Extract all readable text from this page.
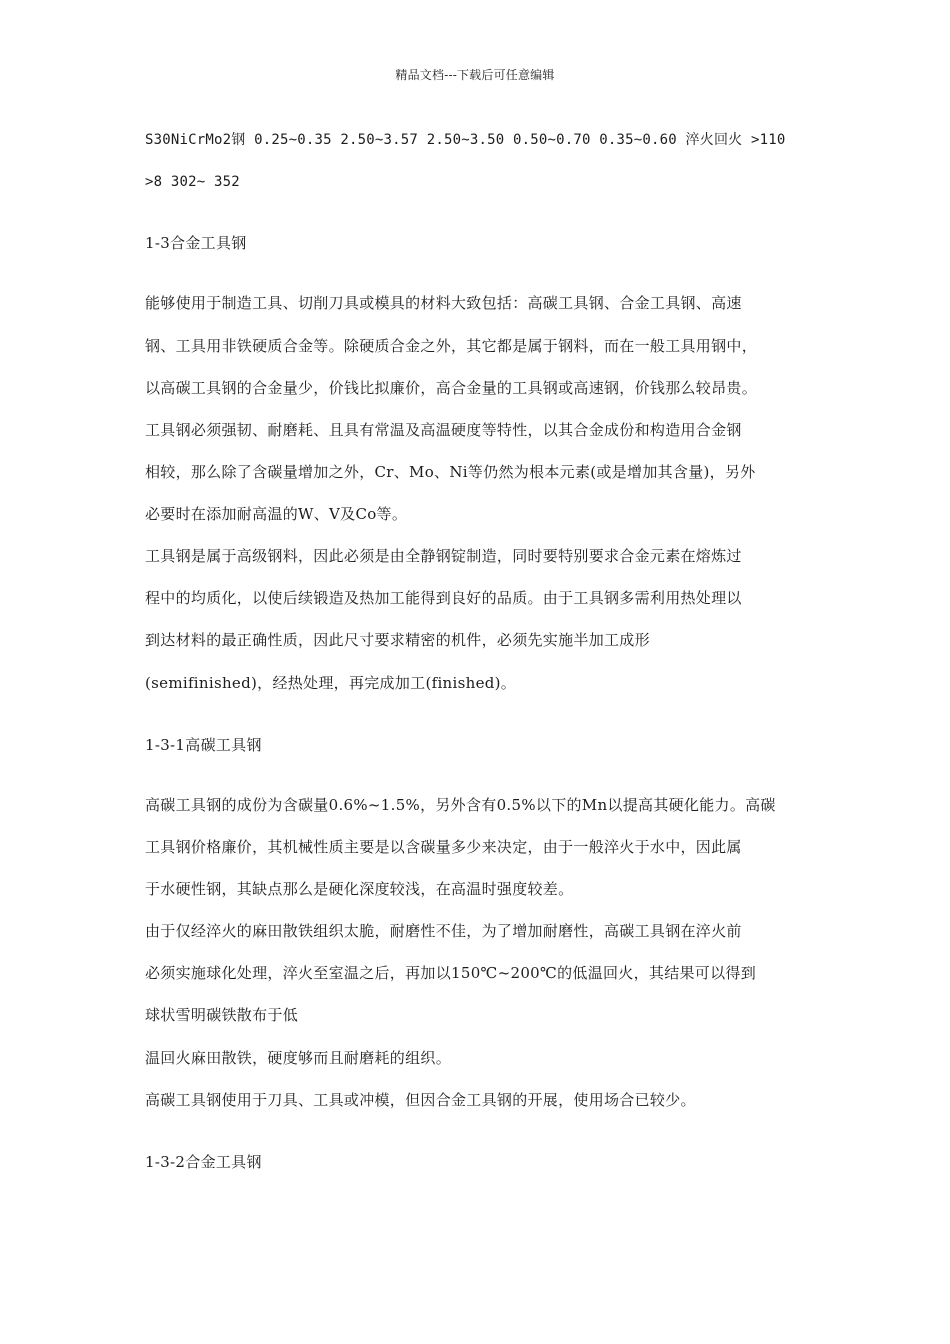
精品文档---下载后可任意编辑
S30NiCrMo2钢 0.25~0.35 2.50~3.57 2.50~3.50 0.50~0.70 0.35~0.60 淬火回火 >110
>8 302~ 352
1-3合金工具钢
能够使用于制造工具、切削刀具或模具的材料大致包括：高碳工具钢、合金工具钢、高速
钢、工具用非铁硬质合金等。除硬质合金之外，其它都是属于钢料，而在一般工具用钢中，
以高碳工具钢的合金量少，价钱比拟廉价，高合金量的工具钢或高速钢，价钱那么较昂贵。
工具钢必须强韧、耐磨耗、且具有常温及高温硬度等特性，以其合金成份和构造用合金钢
相较，那么除了含碳量增加之外，Cr、Mo、Ni等仍然为根本元素(或是增加其含量)，另外
必要时在添加耐高温的W、V及Co等。
工具钢是属于高级钢料，因此必须是由全静钢锭制造，同时要特别要求合金元素在熔炼过
程中的均质化，以使后续锻造及热加工能得到良好的品质。由于工具钢多需利用热处理以
到达材料的最正确性质，因此尺寸要求精密的机件，必须先实施半加工成形
(semifinished)，经热处理，再完成加工(finished)。
1-3-1高碳工具钢
高碳工具钢的成份为含碳量0.6%~1.5%，另外含有0.5%以下的Mn以提高其硬化能力。高碳
工具钢价格廉价，其机械性质主要是以含碳量多少来决定，由于一般淬火于水中，因此属
于水硬性钢，其缺点那么是硬化深度较浅，在高温时强度较差。
由于仅经淬火的麻田散铁组织太脆，耐磨性不佳，为了增加耐磨性，高碳工具钢在淬火前
必须实施球化处理，淬火至室温之后，再加以150℃~200℃的低温回火，其结果可以得到
球状雪明碳铁散布于低
温回火麻田散铁，硬度够而且耐磨耗的组织。
高碳工具钢使用于刀具、工具或冲模，但因合金工具钢的开展，使用场合已较少。
1-3-2合金工具钢
